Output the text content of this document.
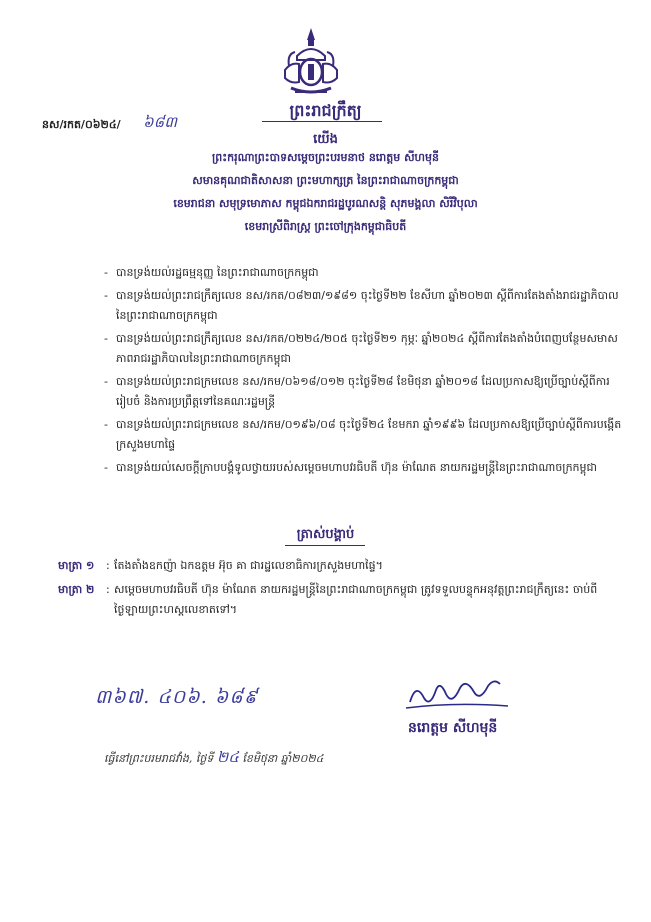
ព្រះរាជក្រឹត្យ
នស/រកត/០៦២៤/ ៦៨៣
យើង
ព្រះករុណាព្រះបាទសម្ដេចព្រះបរមនាថ នរោត្ដម សីហមុនី
សមានគុណជាតិសាសនា ព្រះមហាក្សត្រ នៃព្រះរាជាណាចក្រកម្ពុជា
ខេមរាជនា សមុទ្រមោភាស កម្ពុជឯករាជរដ្ឋបូរណសន្តិ សុភមង្គលា សិរីវិបុលា
ខេមរាស្រីពិរាស្ត្រ ព្រះចៅក្រុងកម្ពុជាធិបតី
- បានទ្រង់យល់រដ្ឋធម្មនុញ្ញ នៃព្រះរាជាណាចក្រកម្ពុជា
- បានទ្រង់យល់ព្រះរាជក្រឹត្យលេខ នស/រកត/០៨២៣/១៩៨១ ចុះថ្ងៃទី២២ ខែសីហា ឆ្នាំ២០២៣ ស្តីពីការតែងតាំងរាជរដ្ឋាភិបាលនៃព្រះរាជាណាចក្រកម្ពុជា
- បានទ្រង់យល់ព្រះរាជក្រឹត្យលេខ នស/រកត/០២២៤/២០៥ ចុះថ្ងៃទី២១ កុម្ភៈ ឆ្នាំ២០២៤ ស្តីពីការតែងតាំងបំពេញបន្ថែមសមាសភាពរាជរដ្ឋាភិបាលនៃព្រះរាជាណាចក្រកម្ពុជា
- បានទ្រង់យល់ព្រះរាជក្រមលេខ នស/រកម/០៦១៨/០១២ ចុះថ្ងៃទី២៨ ខែមិថុនា ឆ្នាំ២០១៨ ដែលប្រកាសឱ្យប្រើច្បាប់ស្តីពីការរៀបចំ និងការប្រព្រឹត្តទៅនៃគណៈរដ្ឋមន្ត្រី
- បានទ្រង់យល់ព្រះរាជក្រមលេខ នស/រកម/០១៩៦/០៨ ចុះថ្ងៃទី២៤ ខែមករា ឆ្នាំ១៩៩៦ ដែលប្រកាសឱ្យប្រើច្បាប់ស្តីពីការបង្កើតក្រសួងមហាផ្ទៃ
- បានទ្រង់យល់សេចក្តីក្រាបបង្គំទូលថ្វាយរបស់សម្តេចមហាបវរធិបតី ហ៊ុន ម៉ាណែត នាយករដ្ឋមន្ត្រីនៃព្រះរាជាណាចក្រកម្ពុជា
ត្រាស់បង្គាប់
មាត្រា ១	: តែងតាំងឧកញ៉ា ឯកឧត្តម អ៊ុច គា ជារដ្ឋលេខាធិការក្រសួងមហាផ្ទៃ។
មាត្រា ២	: សម្តេចមហាបវរធិបតី ហ៊ុន ម៉ាណែត នាយករដ្ឋមន្ត្រីនៃព្រះរាជាណាចក្រកម្ពុជា ត្រូវទទួលបន្ទុកអនុវត្តព្រះរាជក្រឹត្យនេះ ចាប់ពីថ្ងៃឡាយព្រះហស្តលេខាតទៅ។
៣៦៧. ៤០៦. ៦៨៩
នរោត្ដម សីហមុនី
ធ្វើនៅព្រះបរមរាជវាំង, ថ្ងៃទី ២៤ ខែមិថុនា ឆ្នាំ២០២៤
